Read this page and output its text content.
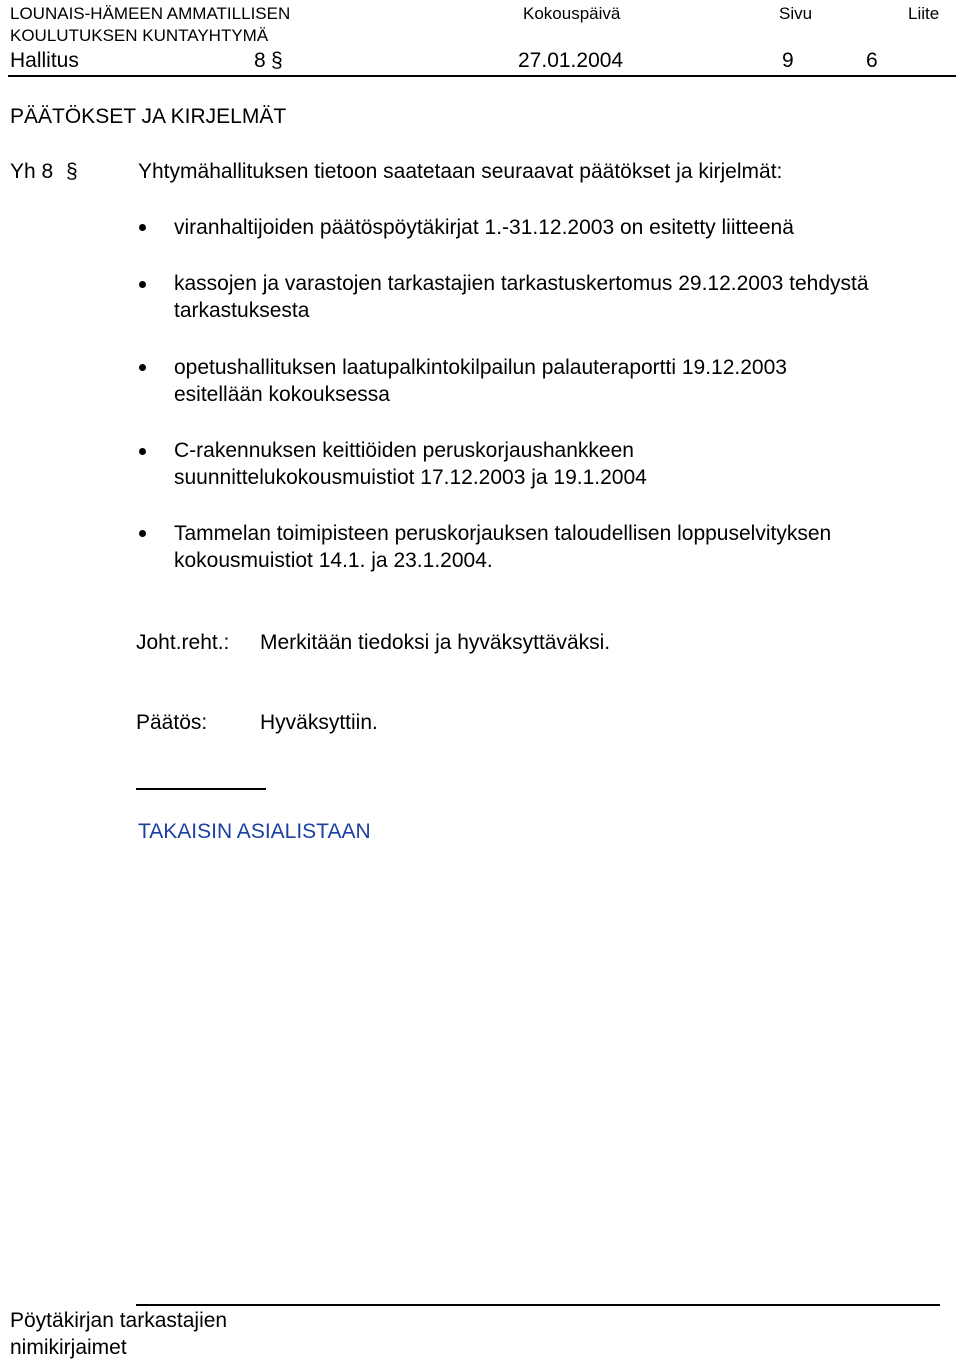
LOUNAIS-HÄMEEN AMMATILLISEN
KOULUTUKSEN KUNTAYHTYMÄ
Kokouspäivä	Sivu	Liite
Hallitus	8 §	27.01.2004	9	6
PÄÄTÖKSET JA KIRJELMÄT
Yh 8 §	Yhtymähallituksen tietoon saatetaan seuraavat päätökset ja kirjelmät:
viranhaltijoiden päätöspöytäkirjat 1.-31.12.2003 on esitetty liitteenä
kassojen ja varastojen tarkastajien tarkastuskertomus 29.12.2003 tehdystä
tarkastuksesta
opetushallituksen laatupalkintokilpailun palauteraportti 19.12.2003
esitellään kokouksessa
C-rakennuksen keittiöiden peruskorjaushankkeen
suunnittelukokousmuistiot 17.12.2003 ja 19.1.2004
Tammelan toimipisteen peruskorjauksen taloudellisen loppuselvityksen
kokousmuistiot 14.1. ja 23.1.2004.
Joht.reht.: Merkitään tiedoksi ja hyväksyttäväksi.
Päätös:	Hyväksyttiin.
TAKAISIN ASIALISTAAN
Pöytäkirjan tarkastajien
nimikirjaimet
